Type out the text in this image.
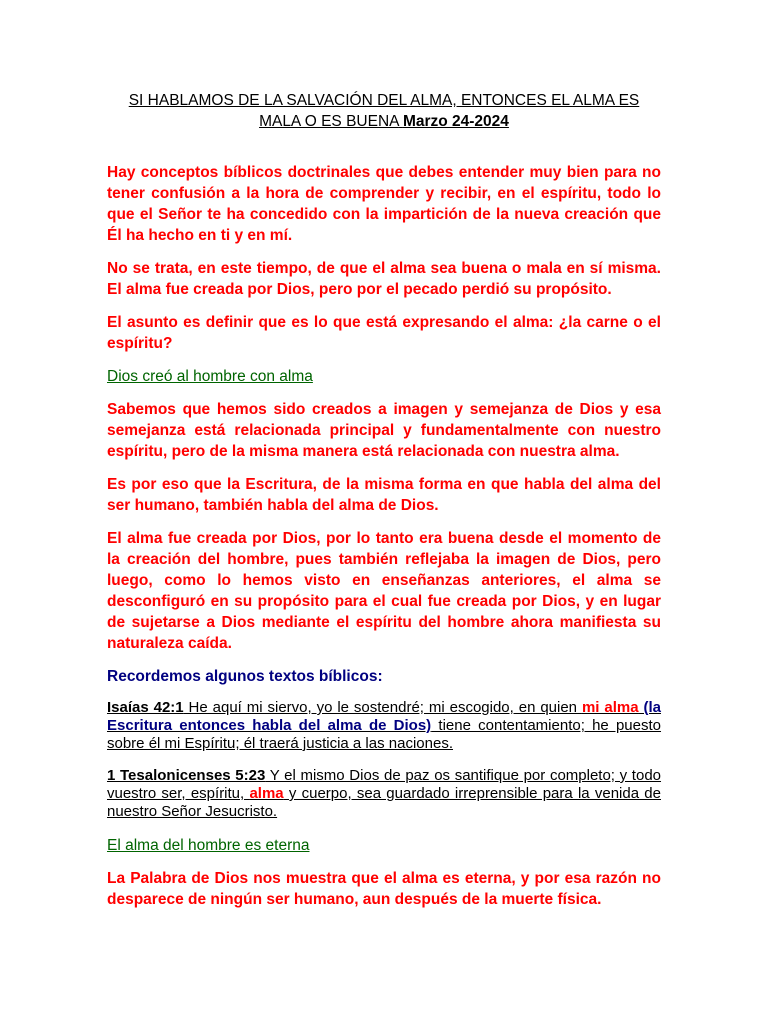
SI HABLAMOS DE LA SALVACIÓN DEL ALMA, ENTONCES EL ALMA ES MALA O ES BUENA Marzo 24-2024

Hay conceptos bíblicos doctrinales que debes entender muy bien para no tener confusión a la hora de comprender y recibir, en el espíritu, todo lo que el Señor te ha concedido con la impartición de la nueva creación que Él ha hecho en ti y en mí.

No se trata, en este tiempo, de que el alma sea buena o mala en sí misma. El alma fue creada por Dios, pero por el pecado perdió su propósito.

El asunto es definir que es lo que está expresando el alma: ¿la carne o el espíritu?

Dios creó al hombre con alma

Sabemos que hemos sido creados a imagen y semejanza de Dios y esa semejanza está relacionada principal y fundamentalmente con nuestro espíritu, pero de la misma manera está relacionada con nuestra alma.

Es por eso que la Escritura, de la misma forma en que habla del alma del ser humano, también habla del alma de Dios.

El alma fue creada por Dios, por lo tanto era buena desde el momento de la creación del hombre, pues también reflejaba la imagen de Dios, pero luego, como lo hemos visto en enseñanzas anteriores, el alma se desconfiguró en su propósito para el cual fue creada por Dios, y en lugar de sujetarse a Dios mediante el espíritu del hombre ahora manifiesta su naturaleza caída.

Recordemos algunos textos bíblicos:

Isaías 42:1 He aquí mi siervo, yo le sostendré; mi escogido, en quien mi alma (la Escritura entonces habla del alma de Dios) tiene contentamiento; he puesto sobre él mi Espíritu; él traerá justicia a las naciones.

1 Tesalonicenses 5:23 Y el mismo Dios de paz os santifique por completo; y todo vuestro ser, espíritu, alma y cuerpo, sea guardado irreprensible para la venida de nuestro Señor Jesucristo.

El alma del hombre es eterna

La Palabra de Dios nos muestra que el alma es eterna, y por esa razón no desparece de ningún ser humano, aun después de la muerte física.
